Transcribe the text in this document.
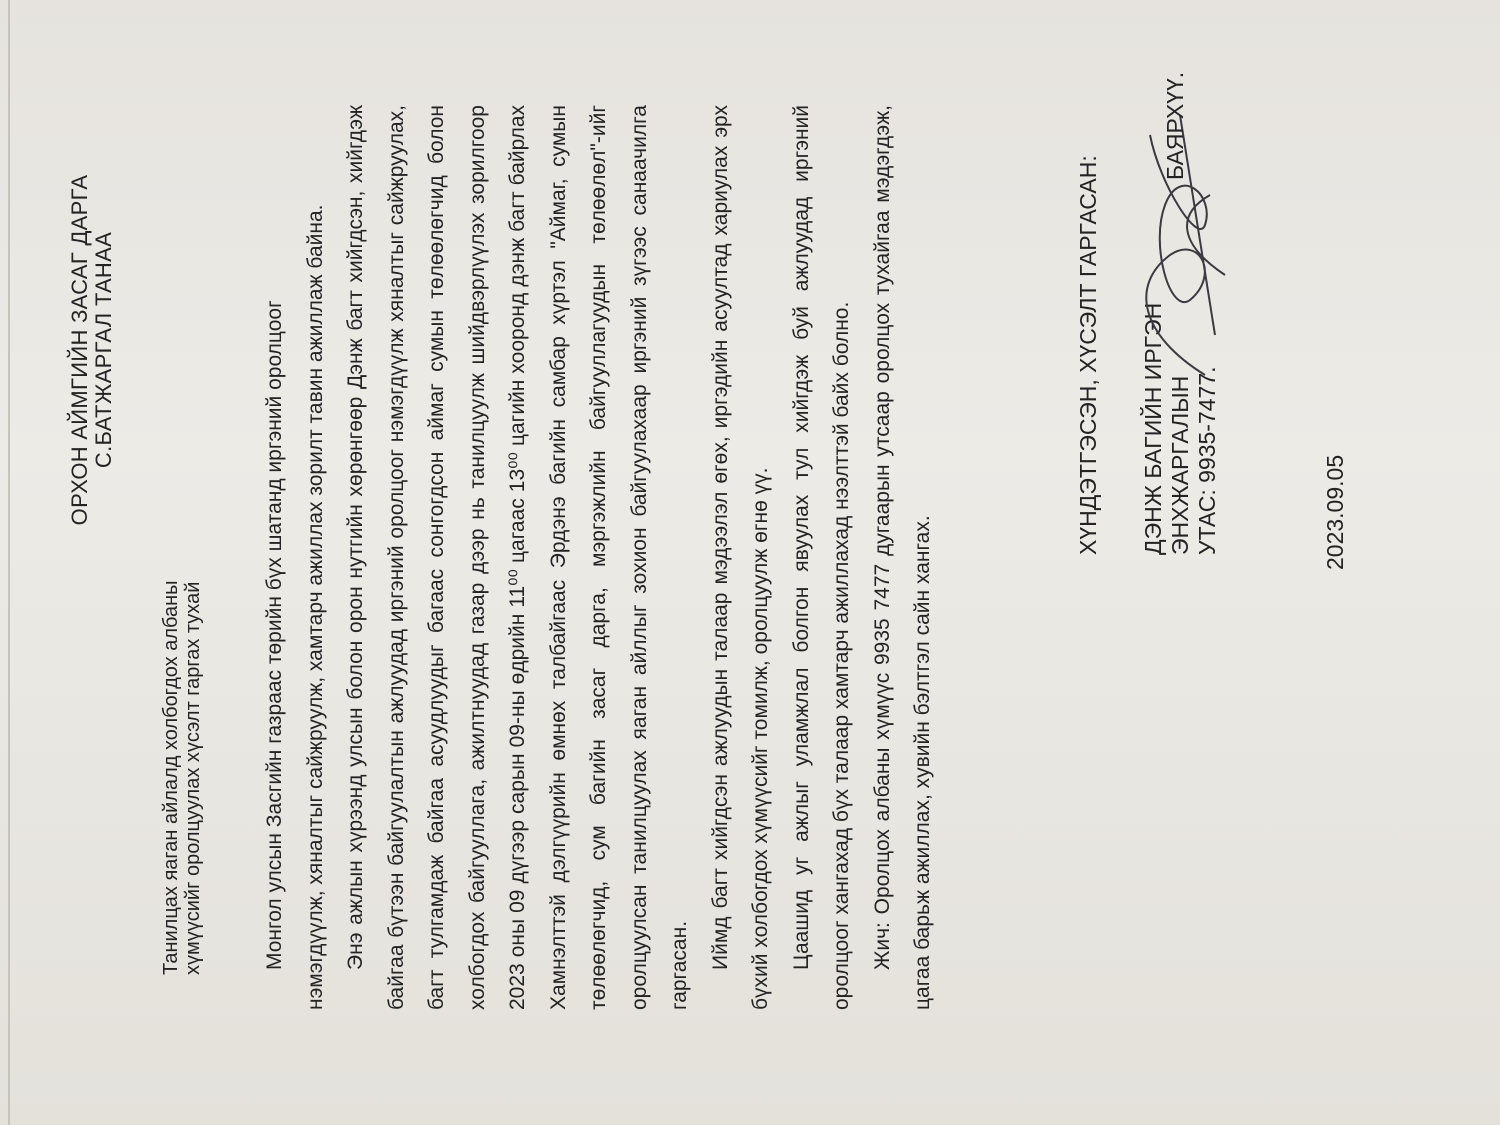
ОРХОН АЙМГИЙН ЗАСАГ ДАРГА С.БАТЖАРГАЛ ТАНАА
Танилцах яаган айлалд холбогдох албаны хүмүүсийг оролцуулах хүсэлт гаргах тухай	Монгол улсын Засгийн газраас төрийн бүх шатанд иргэний оролцоог нэмэгдүүлж, хяналтыг сайжруулж, хамтарч ажиллах зорилт тавин ажиллаж байна. Энэ ажлын хүрээнд улсын болон орон нутгийн хөрөнгөөр Дэнж багт хийгдсэн, хийгдэж байгаа бүтээн байгуулалтын ажлуудад иргэний оролцоог нэмэгдүүлж хяналтыг сайжруулах, багт тулгамдаж байгаа асуудлуудыг багаас сонгогдсон аймаг сумын төлөөлөгчид болон холбогдох байгууллага, ажилтнуудад газар дээр нь танилцуулж шийдвэрлүүлэх зорилгоор 2023 оны 09 дүгээр сарын 09-ны өдрийн 11⁰⁰ цагаас 13⁰⁰ цагийн хооронд дэнж багт байрлах Хамнэлттэй дэлгүүрийн өмнөх талбайгаас Эрдэнэ багийн самбар хүртэл "Аймаг, сумын төлөөлөгчид, сум багийн засаг дарга, мэргэжлийн байгууллагуудын төлөөлөл"-ийг оролцуулсан танилцуулах яаган айллыг зохион байгуулахаар иргэний зүгээс санаачилга гаргасан. Иймд багт хийгдсэн ажлуудын талаар мэдээлэл өгөх, иргэдийн асуултад хариулах эрх бүхий холбогдох хүмүүсийг томилж, оролцуулж өгнө үү. Цаашид уг ажлыг уламжлал болгон явуулах тул хийгдэж буй ажлуудад иргэний оролцоог хангахад бүх талаар хамтарч ажиллахад нээлттэй байх болно. Жич: Оролцох албаны хүмүүс 9935 7477 дугаарын утсаар оролцох тухайгаа мэдэгдэж, цагаа барьж ажиллах, хувийн бэлтгэл сайн хангах.

ХҮНДЭТГЭСЭН, ХҮСЭЛТ ГАРГАСАН: ДЭНЖ БАГИЙН ИРГЭН ЭНХЖАРГАЛЫН УТАС: 9935-7477.
БАЯРХҮҮ.
2023.09.05
